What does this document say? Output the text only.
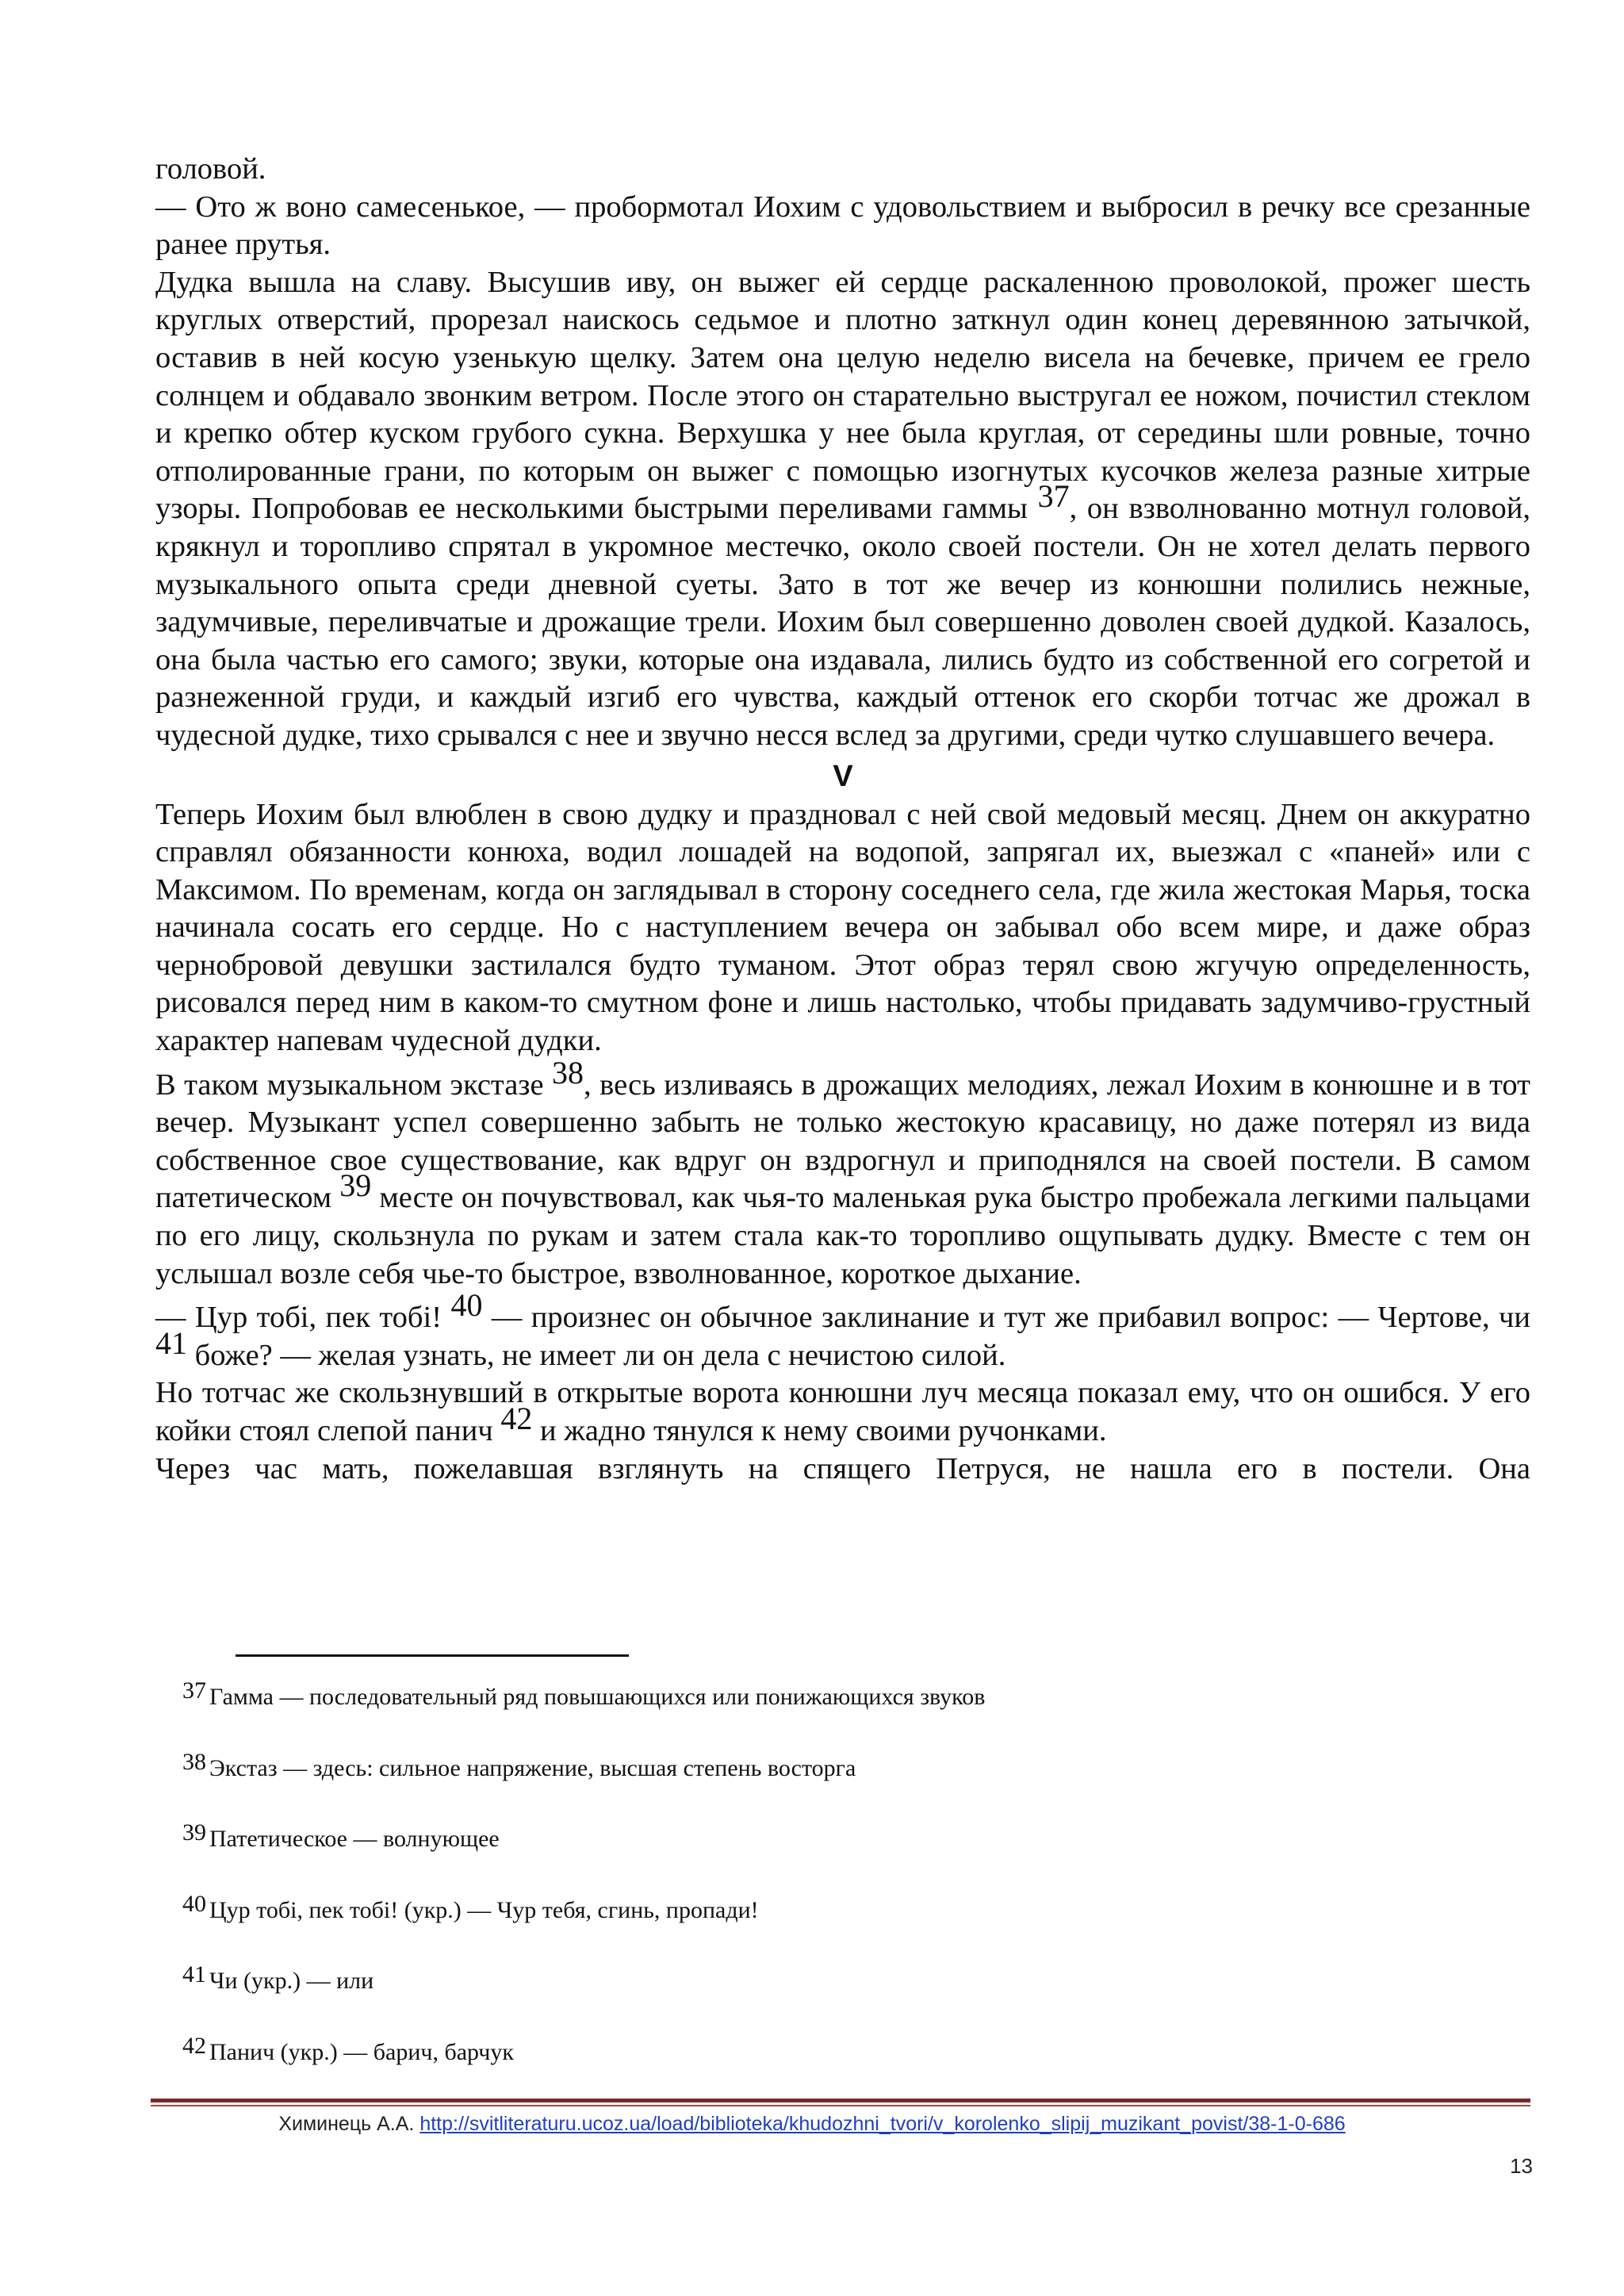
головой.

— Ото ж воно самесенькое, — пробормотал Иохим с удовольствием и выбросил в речку все срезанные ранее прутья.

Дудка вышла на славу. Высушив иву, он выжег ей сердце раскаленною проволокой, прожег шесть круглых отверстий, прорезал наискось седьмое и плотно заткнул один конец деревянною затычкой, оставив в ней косую узенькую щелку. Затем она целую неделю висела на бечевке, причем ее грело солнцем и обдавало звонким ветром. После этого он старательно выстругал ее ножом, почистил стеклом и крепко обтер куском грубого сукна. Верхушка у нее была круглая, от середины шли ровные, точно отполированные грани, по которым он выжег с помощью изогнутых кусочков железа разные хитрые узоры. Попробовав ее несколькими быстрыми переливами гаммы 37, он взволнованно мотнул головой, крякнул и торопливо спрятал в укромное местечко, около своей постели. Он не хотел делать первого музыкального опыта среди дневной суеты. Зато в тот же вечер из конюшни полились нежные, задумчивые, переливчатые и дрожащие трели. Иохим был совершенно доволен своей дудкой. Казалось, она была частью его самого; звуки, которые она издавала, лились будто из собственной его согретой и разнеженной груди, и каждый изгиб его чувства, каждый оттенок его скорби тотчас же дрожал в чудесной дудке, тихо срывался с нее и звучно несся вслед за другими, среди чутко слушавшего вечера.

V

Теперь Иохим был влюблен в свою дудку и праздновал с ней свой медовый месяц. Днем он аккуратно справлял обязанности конюха, водил лошадей на водопой, запрягал их, выезжал с «паней» или с Максимом. По временам, когда он заглядывал в сторону соседнего села, где жила жестокая Марья, тоска начинала сосать его сердце. Но с наступлением вечера он забывал обо всем мире, и даже образ чернобровой девушки застилался будто туманом. Этот образ терял свою жгучую определенность, рисовался перед ним в каком-то смутном фоне и лишь настолько, чтобы придавать задумчиво-грустный характер напевам чудесной дудки.

В таком музыкальном экстазе 38, весь изливаясь в дрожащих мелодиях, лежал Иохим в конюшне и в тот вечер. Музыкант успел совершенно забыть не только жестокую красавицу, но даже потерял из вида собственное свое существование, как вдруг он вздрогнул и приподнялся на своей постели. В самом патетическом 39 месте он почувствовал, как чья-то маленькая рука быстро пробежала легкими пальцами по его лицу, скользнула по рукам и затем стала как-то торопливо ощупывать дудку. Вместе с тем он услышал возле себя чье-то быстрое, взволнованное, короткое дыхание.

— Цур тобі, пек тобі! 40 — произнес он обычное заклинание и тут же прибавил вопрос: — Чертове, чи 41 боже? — желая узнать, не имеет ли он дела с нечистою силой.

Но тотчас же скользнувший в открытые ворота конюшни луч месяца показал ему, что он ошибся. У его койки стоял слепой панич 42 и жадно тянулся к нему своими ручонками.

Через час мать, пожелавшая взглянуть на спящего Петруся, не нашла его в постели. Она

37 Гамма — последовательный ряд повышающихся или понижающихся звуков
38 Экстаз — здесь: сильное напряжение, высшая степень восторга
39 Патетическое — волнующее
40 Цур тобі, пек тобі! (укр.) — Чур тебя, сгинь, пропади!
41 Чи (укр.) — или
42 Панич (укр.) — барич, барчук
Химинець А.А. http://svitliteraturu.ucoz.ua/load/biblioteka/khudozhni_tvori/v_korolenko_slipij_muzikant_povist/38-1-0-686
13
